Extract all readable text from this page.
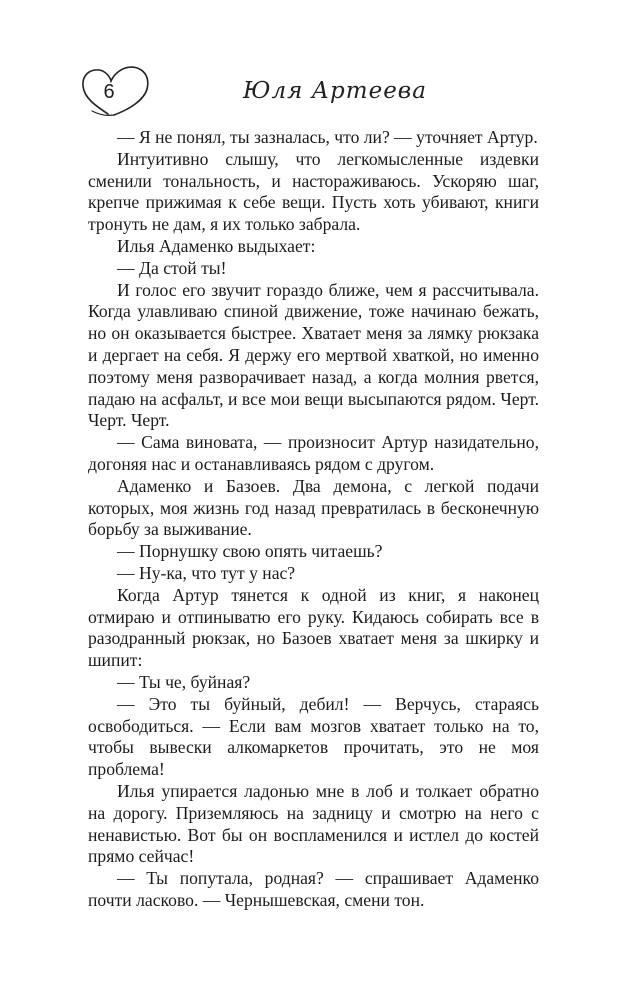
6	Юля Артеева

— Я не понял, ты зазналась, что ли? — уточняет Артур.

Интуитивно слышу, что легкомысленные издевки сменили тональность, и настораживаюсь. Ускоряю шаг, крепче прижимая к себе вещи. Пусть хоть убивают, книги тронуть не дам, я их только забрала.

Илья Адаменко выдыхает:

— Да стой ты!

И голос его звучит гораздо ближе, чем я рассчитывала. Когда улавливаю спиной движение, тоже начинаю бежать, но он оказывается быстрее. Хватает меня за лямку рюкзака и дергает на себя. Я держу его мертвой хваткой, но именно поэтому меня разворачивает назад, а когда молния рвется, падаю на асфальт, и все мои вещи высыпаются рядом. Черт. Черт. Черт.

— Сама виновата, — произносит Артур назидательно, догоняя нас и останавливаясь рядом с другом.

Адаменко и Базоев. Два демона, с легкой подачи которых, моя жизнь год назад превратилась в бесконечную борьбу за выживание.

— Порнушку свою опять читаешь?

— Ну-ка, что тут у нас?

Когда Артур тянется к одной из книг, я наконец отмираю и отпиныватю его руку. Кидаюсь собирать все в разодранный рюкзак, но Базоев хватает меня за шкирку и шипит:

— Ты че, буйная?

— Это ты буйный, дебил! — Верчусь, стараясь освободиться. — Если вам мозгов хватает только на то, чтобы вывески алкомаркетов прочитать, это не моя проблема!

Илья упирается ладонью мне в лоб и толкает обратно на дорогу. Приземляюсь на задницу и смотрю на него с ненавистью. Вот бы он воспламенился и истлел до костей прямо сейчас!

— Ты попутала, родная? — спрашивает Адаменко почти ласково. — Чернышевская, смени тон.
